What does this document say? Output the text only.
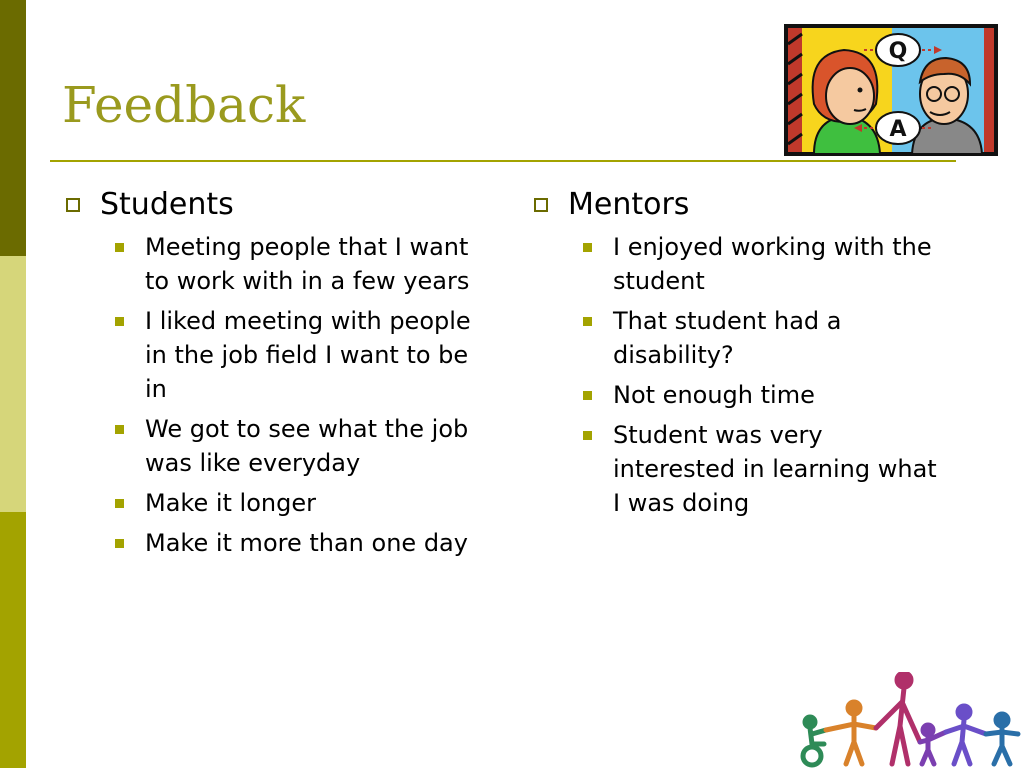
Feedback
Q
A
Students
Meeting people that I want to work with in a few years
I liked meeting with people in the job field I want to be in
We got to see what the job was like everyday
Make it longer
Make it more than one day
Mentors
I enjoyed working with the student
That student had a disability?
Not enough time
Student was very interested in learning what I was doing
